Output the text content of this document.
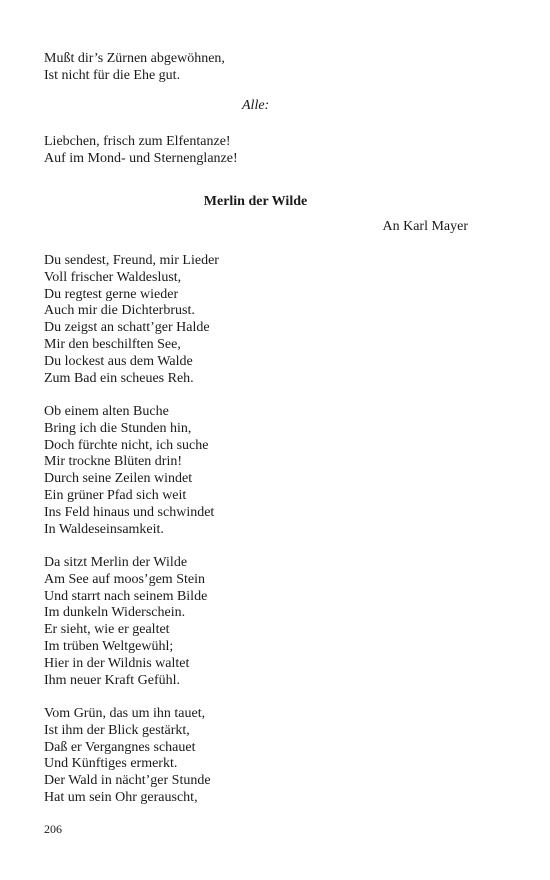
Mußt dir’s Zürnen abgewöhnen,
Ist nicht für die Ehe gut.
Alle:
Liebchen, frisch zum Elfentanze!
Auf im Mond- und Sternenglanze!
Merlin der Wilde
An Karl Mayer
Du sendest, Freund, mir Lieder
Voll frischer Waldeslust,
Du regtest gerne wieder
Auch mir die Dichterbrust.
Du zeigst an schatt’ger Halde
Mir den beschilften See,
Du lockest aus dem Walde
Zum Bad ein scheues Reh.
Ob einem alten Buche
Bring ich die Stunden hin,
Doch fürchte nicht, ich suche
Mir trockne Blüten drin!
Durch seine Zeilen windet
Ein grüner Pfad sich weit
Ins Feld hinaus und schwindet
In Waldeseinsamkeit.
Da sitzt Merlin der Wilde
Am See auf moos’gem Stein
Und starrt nach seinem Bilde
Im dunkeln Widerschein.
Er sieht, wie er gealtet
Im trüben Weltgewühl;
Hier in der Wildnis waltet
Ihm neuer Kraft Gefühl.
Vom Grün, das um ihn tauet,
Ist ihm der Blick gestärkt,
Daß er Vergangnes schauet
Und Künftiges ermerkt.
Der Wald in nächt’ger Stunde
Hat um sein Ohr gerauscht,
206
